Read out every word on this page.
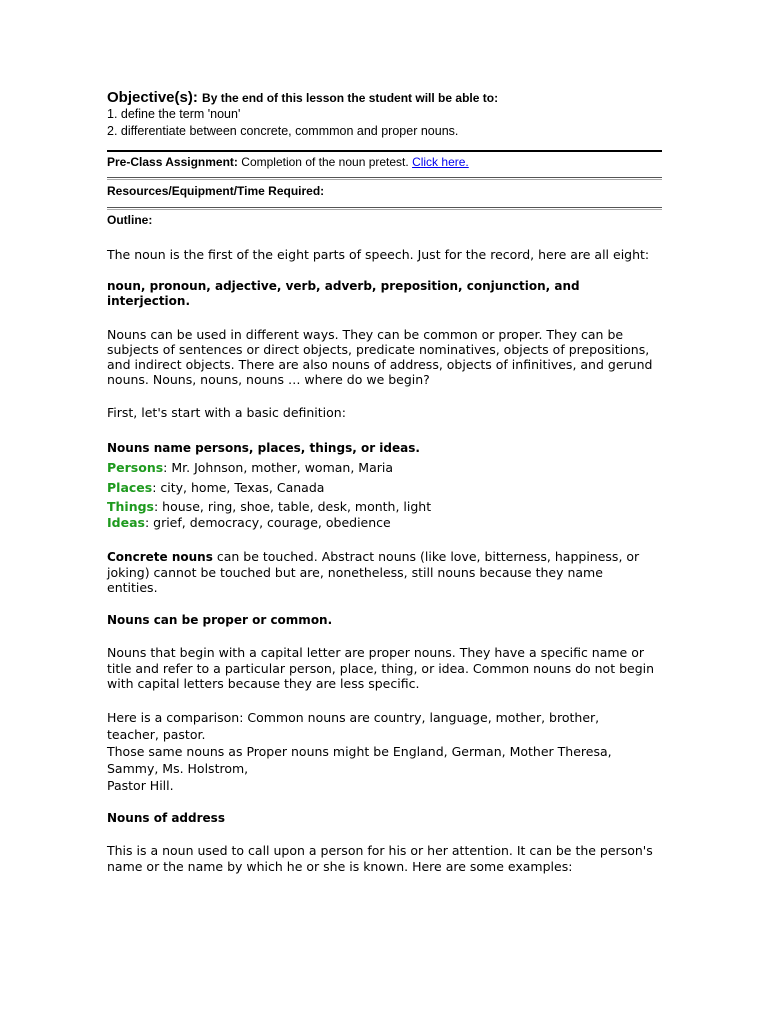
Objective(s): By the end of this lesson the student will be able to:
1. define the term 'noun'
2. differentiate between concrete, commmon and proper nouns.
Pre-Class Assignment: Completion of the noun pretest. Click here.
Resources/Equipment/Time Required:
Outline:
The noun is the first of the eight parts of speech. Just for the record, here are all eight:
noun, pronoun, adjective, verb, adverb, preposition, conjunction, and
interjection.
Nouns can be used in different ways. They can be common or proper. They can be
subjects of sentences or direct objects, predicate nominatives, objects of prepositions,
and indirect objects. There are also nouns of address, objects of infinitives, and gerund
nouns. Nouns, nouns, nouns … where do we begin?
First, let's start with a basic definition:
Nouns name persons, places, things, or ideas.
Persons: Mr. Johnson, mother, woman, Maria
Places: city, home, Texas, Canada
Things: house, ring, shoe, table, desk, month, light
Ideas: grief, democracy, courage, obedience
Concrete nouns can be touched. Abstract nouns (like love, bitterness, happiness, or
joking) cannot be touched but are, nonetheless, still nouns because they name
entities.
Nouns can be proper or common.
Nouns that begin with a capital letter are proper nouns. They have a specific name or
title and refer to a particular person, place, thing, or idea. Common nouns do not begin
with capital letters because they are less specific.
Here is a comparison: Common nouns are country, language, mother, brother,
teacher, pastor.
Those same nouns as Proper nouns might be England, German, Mother Theresa,
Sammy, Ms. Holstrom,
Pastor Hill.
Nouns of address
This is a noun used to call upon a person for his or her attention. It can be the person's
name or the name by which he or she is known. Here are some examples:
